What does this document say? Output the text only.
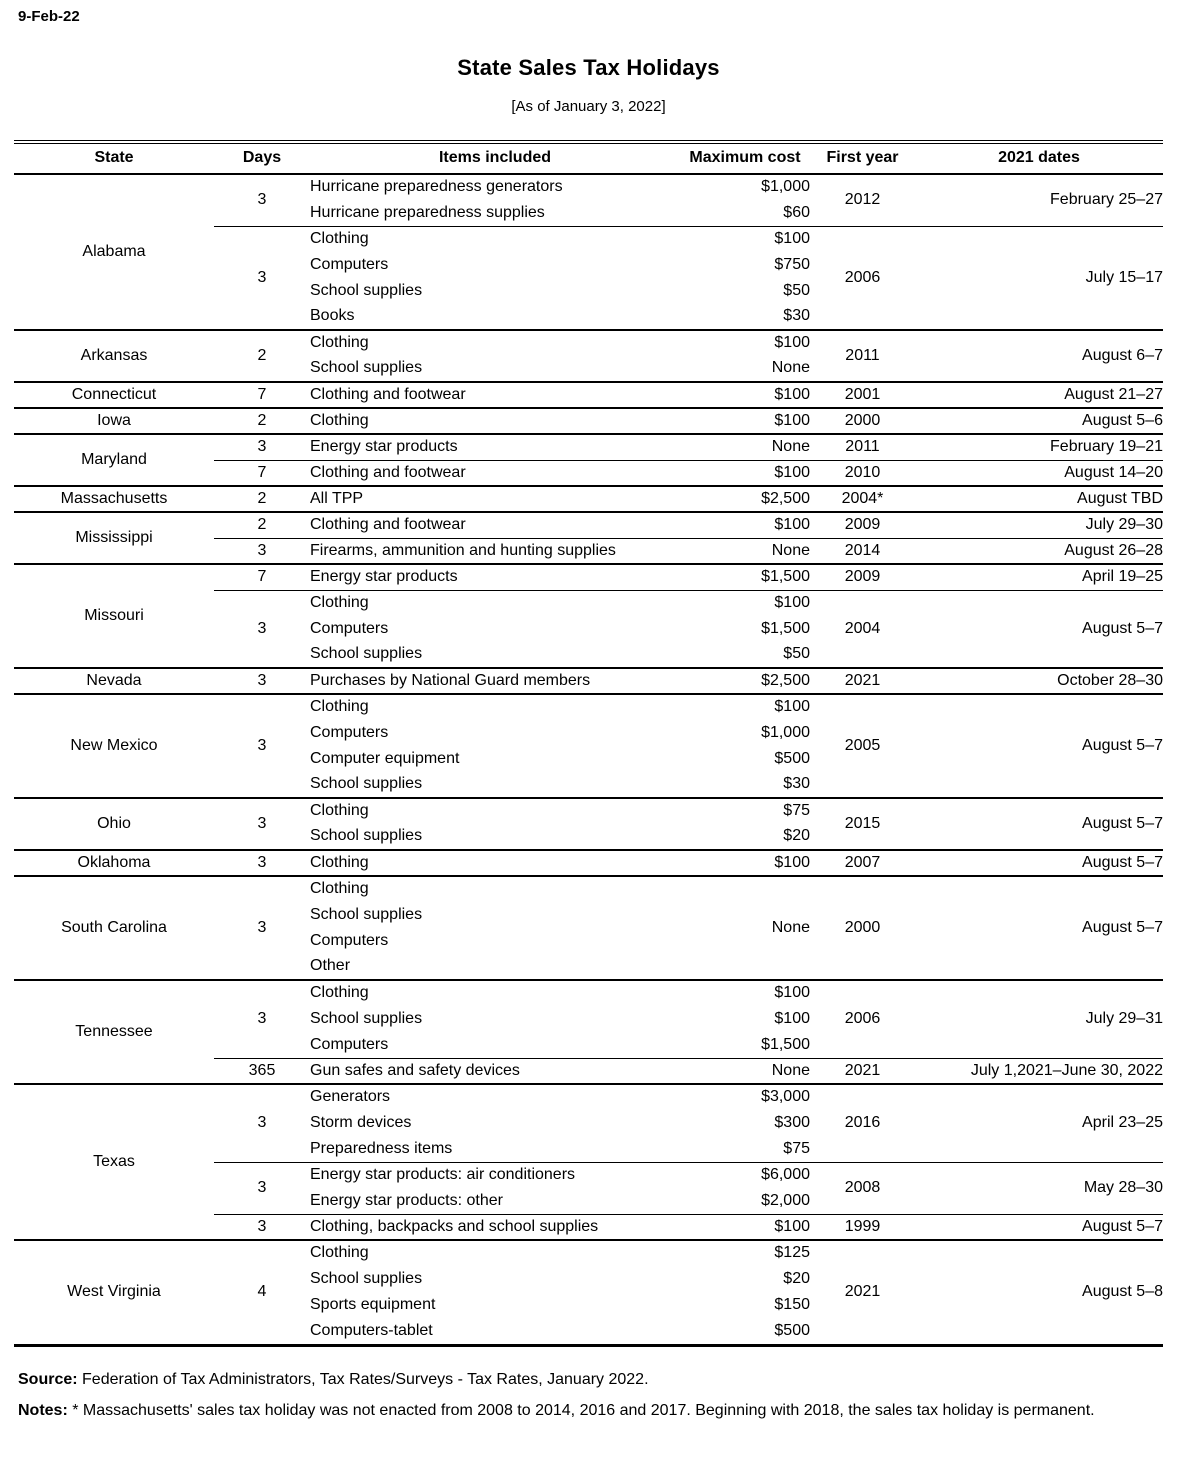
9-Feb-22
State Sales Tax Holidays
[As of January 3, 2022]
State	Days	Items included	Maximum cost	First year	2021 dates
Alabama	3	Hurricane preparedness generators	$1,000	2012	February 25–27
		Hurricane preparedness supplies	$60		
	3	Clothing	$100	2006	July 15–17
		Computers	$750		
		School supplies	$50		
		Books	$30		
Arkansas	2	Clothing	$100	2011	August 6–7
		School supplies	None		
Connecticut	7	Clothing and footwear	$100	2001	August 21–27
Iowa	2	Clothing	$100	2000	August 5–6
Maryland	3	Energy star products	None	2011	February 19–21
	7	Clothing and footwear	$100	2010	August 14–20
Massachusetts	2	All TPP	$2,500	2004*	August TBD
Mississippi	2	Clothing and footwear	$100	2009	July 29–30
	3	Firearms, ammunition and hunting supplies	None	2014	August 26–28
Missouri	7	Energy star products	$1,500	2009	April 19–25
	3	Clothing	$100	2004	August 5–7
		Computers	$1,500		
		School supplies	$50		
Nevada	3	Purchases by National Guard members	$2,500	2021	October 28–30
New Mexico	3	Clothing	$100	2005	August 5–7
		Computers	$1,000		
		Computer equipment	$500		
		School supplies	$30		
Ohio	3	Clothing	$75	2015	August 5–7
		School supplies	$20		
Oklahoma	3	Clothing	$100	2007	August 5–7
South Carolina	3	Clothing	None	2000	August 5–7
		School supplies			
		Computers			
		Other			
Tennessee	3	Clothing	$100	2006	July 29–31
		School supplies	$100		
		Computers	$1,500		
	365	Gun safes and safety devices	None	2021	July 1,2021–June 30, 2022
Texas	3	Generators	$3,000	2016	April 23–25
		Storm devices	$300		
		Preparedness items	$75		
	3	Energy star products: air conditioners	$6,000	2008	May 28–30
		Energy star products: other	$2,000		
	3	Clothing, backpacks and school supplies	$100	1999	August 5–7
West Virginia	4	Clothing	$125	2021	August 5–8
		School supplies	$20		
		Sports equipment	$150		
		Computers-tablet	$500		

Source: Federation of Tax Administrators, Tax Rates/Surveys - Tax Rates, January 2022.

Notes: * Massachusetts' sales tax holiday was not enacted from 2008 to 2014, 2016 and 2017. Beginning with 2018, the sales tax holiday is permanent.
